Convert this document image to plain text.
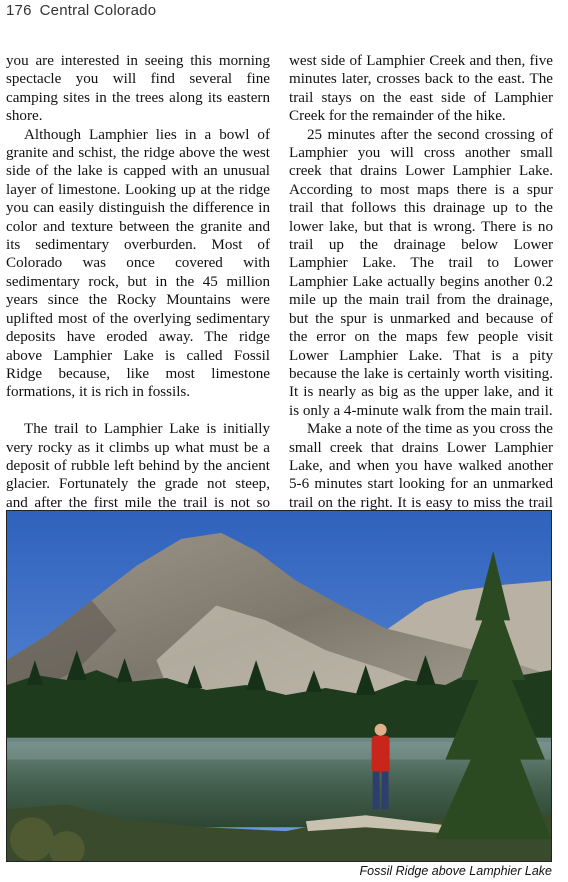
176 Central Colorado

you are interested in seeing this morning spectacle you will find several fine camping sites in the trees along its eastern shore.

Although Lamphier lies in a bowl of granite and schist, the ridge above the west side of the lake is capped with an unusual layer of limestone. Looking up at the ridge you can easily distinguish the difference in color and texture between the granite and its sedimentary overburden. Most of Colorado was once covered with sedimentary rock, but in the 45 million years since the Rocky Mountains were uplifted most of the overlying sedimentary deposits have eroded away. The ridge above Lamphier Lake is called Fossil Ridge because, like most limestone formations, it is rich in fossils.

The trail to Lamphier Lake is initially very rocky as it climbs up what must be a deposit of rubble left behind by the ancient glacier. Fortunately the grade not steep, and after the first mile the trail is not so

west side of Lamphier Creek and then, five minutes later, crosses back to the east. The trail stays on the east side of Lamphier Creek for the remainder of the hike.

25 minutes after the second crossing of Lamphier you will cross another small creek that drains Lower Lamphier Lake. According to most maps there is a spur trail that follows this drainage up to the lower lake, but that is wrong. There is no trail up the drainage below Lower Lamphier Lake. The trail to Lower Lamphier Lake actually begins another 0.2 mile up the main trail from the drainage, but the spur is unmarked and because of the error on the maps few people visit Lower Lamphier Lake. That is a pity because the lake is certainly worth visiting. It is nearly as big as the upper lake, and it is only a 4-minute walk from the main trail.

Make a note of the time as you cross the small creek that drains Lower Lamphier Lake, and when you have walked another 5-6 minutes start looking for an unmarked trail on the right. It is easy to miss the trail

Fossil Ridge above Lamphier Lake
